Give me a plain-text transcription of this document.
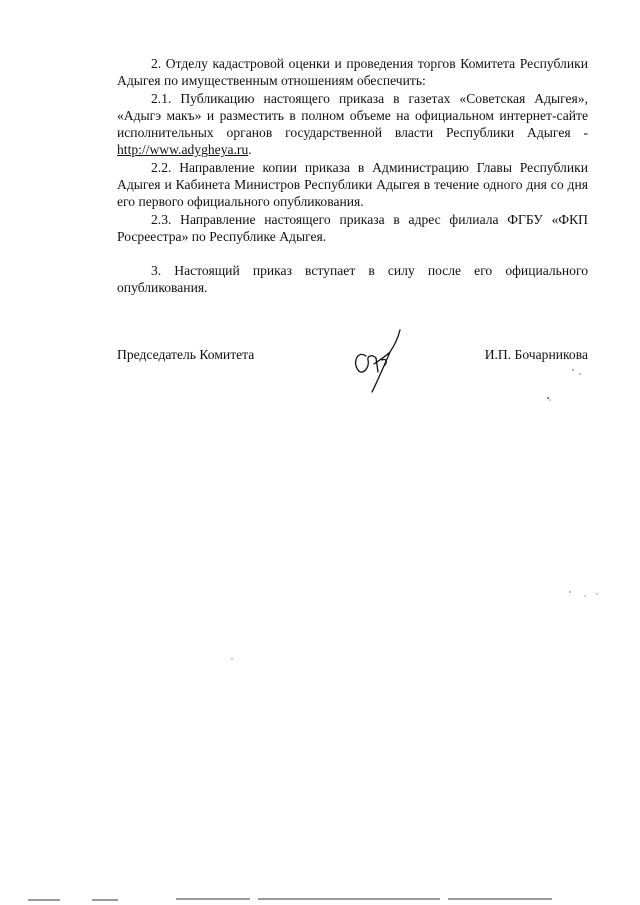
2. Отделу кадастровой оценки и проведения торгов Комитета Республики Адыгея по имущественным отношениям обеспечить:

2.1. Публикацию настоящего приказа в газетах «Советская Адыгея», «Адыгэ макъ» и разместить в полном объеме на официальном интернет-сайте исполнительных органов государственной власти Республики Адыгея - http://www.adygheya.ru.

2.2. Направление копии приказа в Администрацию Главы Республики Адыгея и Кабинета Министров Республики Адыгея в течение одного дня со дня его первого официального опубликования.

2.3. Направление настоящего приказа в адрес филиала ФГБУ «ФКП Росреестра» по Республике Адыгея.

3. Настоящий приказ вступает в силу после его официального опубликования.

Председатель Комитета	И.П. Бочарникова
